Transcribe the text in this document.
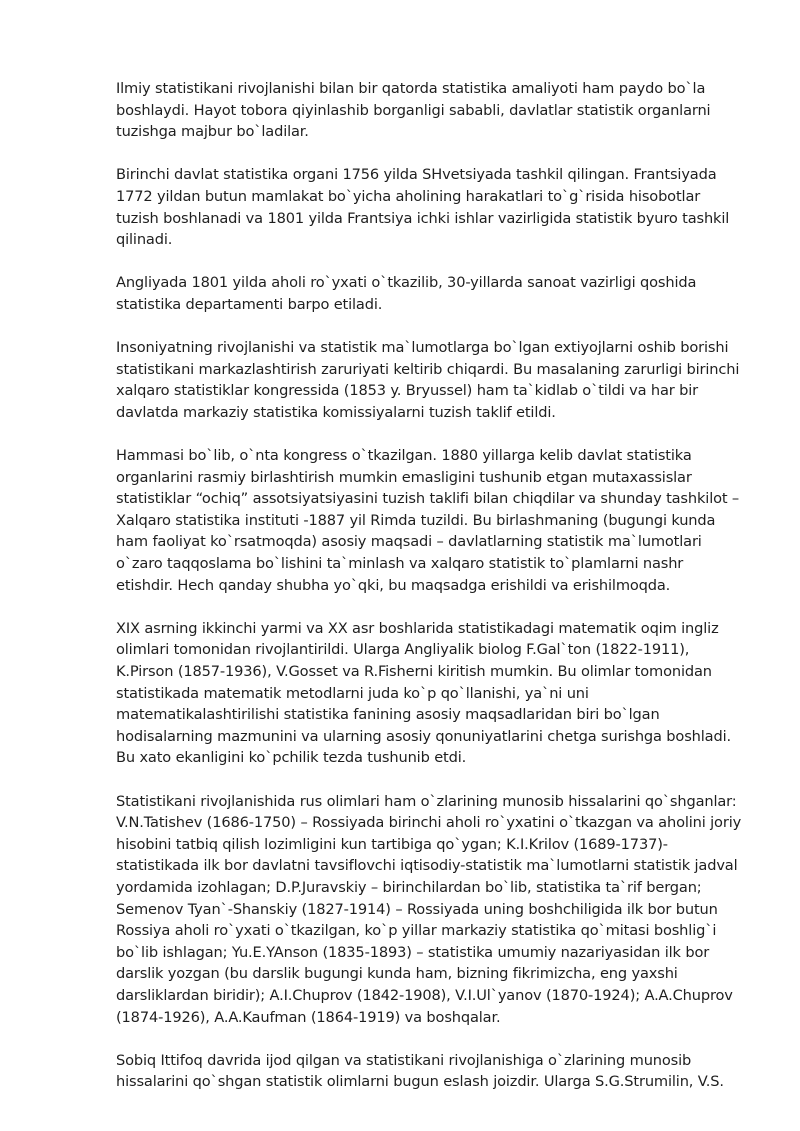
Ilmiy statistikani rivojlanishi bilan bir qatorda statistika amaliyoti ham paydo bo`la boshlaydi. Hayot tobora qiyinlashib borganligi sababli, davlatlar statistik organlarni tuzishga majbur bo`ladilar.

Birinchi davlat statistika organi 1756 yilda SHvetsiyada tashkil qilingan. Frantsiyada 1772 yildan butun mamlakat bo`yicha aholining harakatlari to`g`risida hisobotlar tuzish boshlanadi va 1801 yilda Frantsiya ichki ishlar vazirligida statistik byuro tashkil qilinadi.

Angliyada 1801 yilda aholi ro`yxati o`tkazilib, 30-yillarda sanoat vazirligi qoshida statistika departamenti barpo etiladi.

Insoniyatning rivojlanishi va statistik ma`lumotlarga bo`lgan extiyojlarni oshib borishi statistikani markazlashtirish zaruriyati keltirib chiqardi. Bu masalaning zarurligi birinchi xalqaro statistiklar kongressida (1853 y. Bryussel) ham ta`kidlab o`tildi va har bir davlatda markaziy statistika komissiyalarni tuzish taklif etildi.

Hammasi bo`lib, o`nta kongress o`tkazilgan. 1880 yillarga kelib davlat statistika organlarini rasmiy birlashtirish mumkin emasligini tushunib etgan mutaxassislar statistiklar “ochiq” assotsiyatsiyasini tuzish taklifi bilan chiqdilar va shunday tashkilot – Xalqaro statistika instituti -1887 yil Rimda tuzildi. Bu birlashmaning (bugungi kunda ham faoliyat ko`rsatmoqda) asosiy maqsadi – davlatlarning statistik ma`lumotlari o`zaro taqqoslama bo`lishini ta`minlash va xalqaro statistik to`plamlarni nashr etishdir. Hech qanday shubha yo`qki, bu maqsadga erishildi va erishilmoqda.

XIX asrning ikkinchi yarmi va XX asr boshlarida statistikadagi matematik oqim ingliz olimlari tomonidan rivojlantirildi. Ularga Angliyalik biolog F.Gal`ton (1822-1911), K.Pirson (1857-1936), V.Gosset va R.Fisherni kiritish mumkin. Bu olimlar tomonidan statistikada matematik metodlarni juda ko`p qo`llanishi, ya`ni uni matematikalashtirilishi statistika fanining asosiy maqsadlaridan biri bo`lgan hodisalarning mazmunini va ularning asosiy qonuniyatlarini chetga surishga boshladi. Bu xato ekanligini ko`pchilik tezda tushunib etdi.

Statistikani rivojlanishida rus olimlari ham o`zlarining munosib hissalarini qo`shganlar: V.N.Tatishev (1686-1750) – Rossiyada birinchi aholi ro`yxatini o`tkazgan va aholini joriy hisobini tatbiq qilish lozimligini kun tartibiga qo`ygan; K.I.Krilov (1689-1737)- statistikada ilk bor davlatni tavsiflovchi iqtisodiy-statistik ma`lumotlarni statistik jadval yordamida izohlagan; D.P.Juravskiy – birinchilardan bo`lib, statistika ta`rif bergan; Semenov Tyan`-Shanskiy (1827-1914) – Rossiyada uning boshchiligida ilk bor butun Rossiya aholi ro`yxati o`tkazilgan, ko`p yillar markaziy statistika qo`mitasi boshlig`i bo`lib ishlagan; Yu.E.YAnson (1835-1893) – statistika umumiy nazariyasidan ilk bor darslik yozgan (bu darslik bugungi kunda ham, bizning fikrimizcha, eng yaxshi darsliklardan biridir); A.I.Chuprov (1842-1908), V.I.Ul`yanov (1870-1924); A.A.Chuprov (1874-1926), A.A.Kaufman (1864-1919) va boshqalar.

Sobiq Ittifoq davrida ijod qilgan va statistikani rivojlanishiga o`zlarining munosib hissalarini qo`shgan statistik olimlarni bugun eslash joizdir. Ularga S.G.Strumilin, V.S.
